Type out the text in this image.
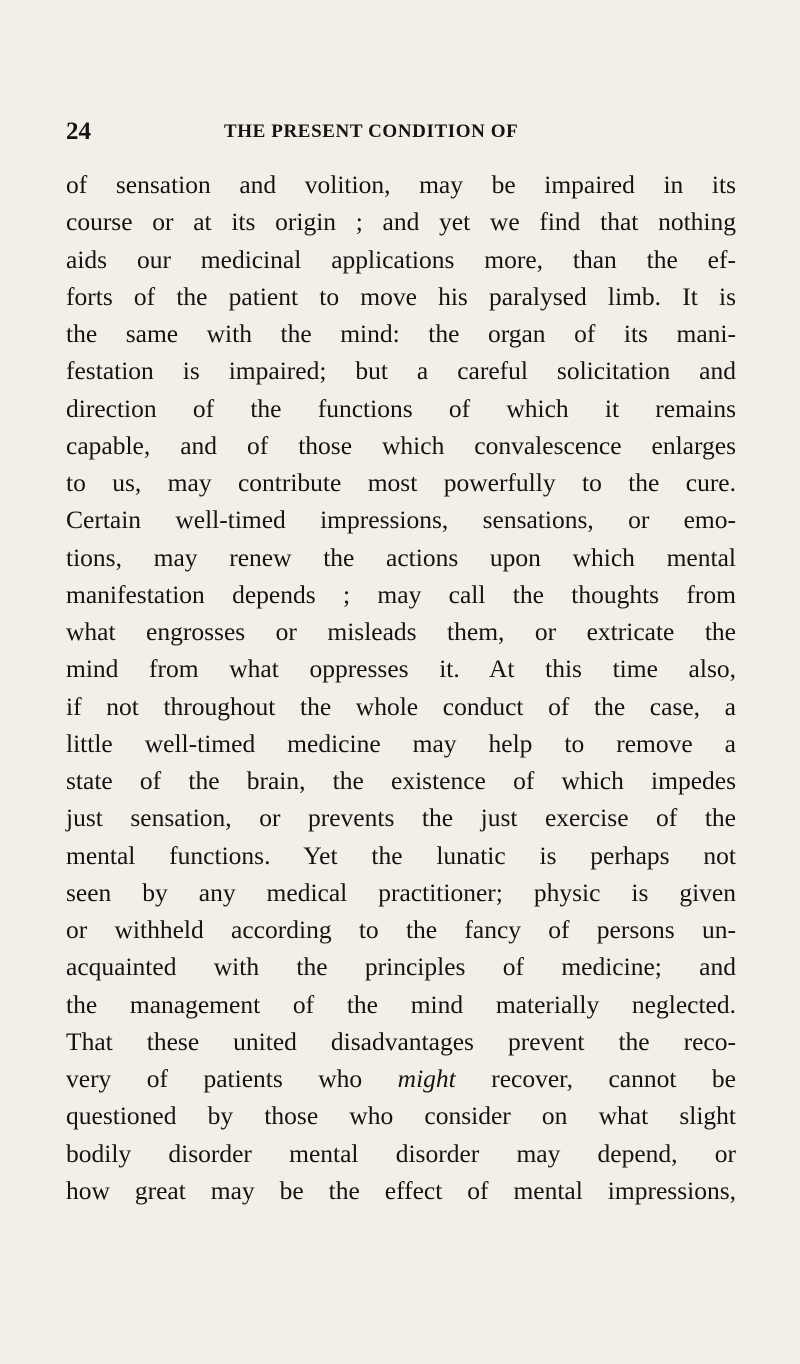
24	THE PRESENT CONDITION OF
of sensation and volition, may be impaired in its
course or at its origin ; and yet we find that nothing
aids our medicinal applications more, than the ef-
forts of the patient to move his paralysed limb. It is
the same with the mind: the organ of its mani-
festation is impaired; but a careful solicitation and
direction of the functions of which it remains
capable, and of those which convalescence enlarges
to us, may contribute most powerfully to the cure.
Certain well-timed impressions, sensations, or emo-
tions, may renew the actions upon which mental
manifestation depends ; may call the thoughts from
what engrosses or misleads them, or extricate the
mind from what oppresses it. At this time also,
if not throughout the whole conduct of the case, a
little well-timed medicine may help to remove a
state of the brain, the existence of which impedes
just sensation, or prevents the just exercise of the
mental functions. Yet the lunatic is perhaps not
seen by any medical practitioner; physic is given
or withheld according to the fancy of persons un-
acquainted with the principles of medicine; and
the management of the mind materially neglected.
That these united disadvantages prevent the reco-
very of patients who might recover, cannot be
questioned by those who consider on what slight
bodily disorder mental disorder may depend, or
how great may be the effect of mental impressions,
